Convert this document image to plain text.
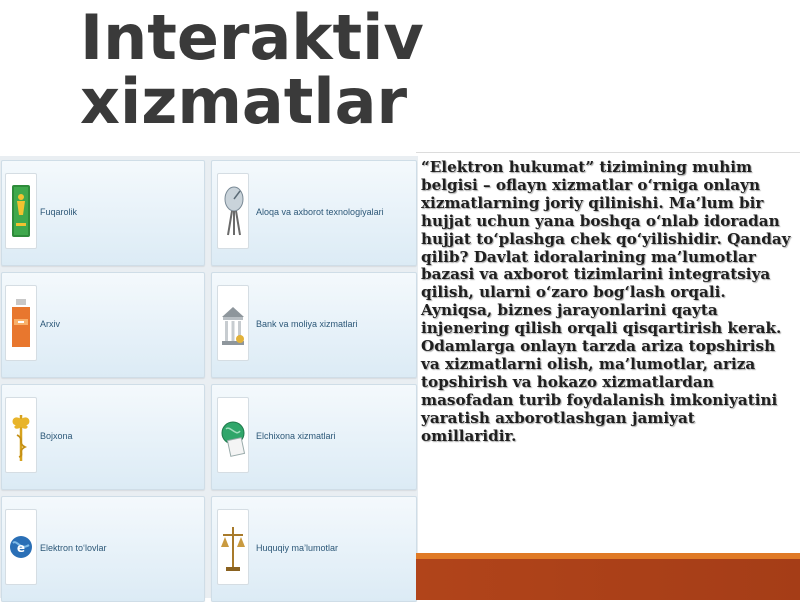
Interaktiv
xizmatlar
Fuqarolik	Aloqa va axborot texnologiyalari
Arxiv	Bank va moliya xizmatlari
Bojxona	Elchixona xizmatlari
e Elektron to‘lovlar	Huquqiy ma’lumotlar

“Elektron hukumat” tizimining muhim belgisi – oflayn xizmatlar o‘rniga onlayn xizmatlarning joriy qilinishi. Ma’lum bir hujjat uchun yana boshqa o‘nlab idoradan hujjat to‘plashga chek qo‘yilishidir. Qanday qilib? Davlat idoralarining ma’lumotlar bazasi va axborot tizimlarini integratsiya qilish, ularni o‘zaro bog‘lash orqali. Ayniqsa, biznes jarayonlarini qayta injenering qilish orqali qisqartirish kerak. Odamlarga onlayn tarzda ariza topshirish va xizmatlarni olish, ma’lumotlar, ariza topshirish va hokazo xizmatlardan masofadan turib foydalanish imkoniyatini yaratish axborotlashgan jamiyat omillaridir.
